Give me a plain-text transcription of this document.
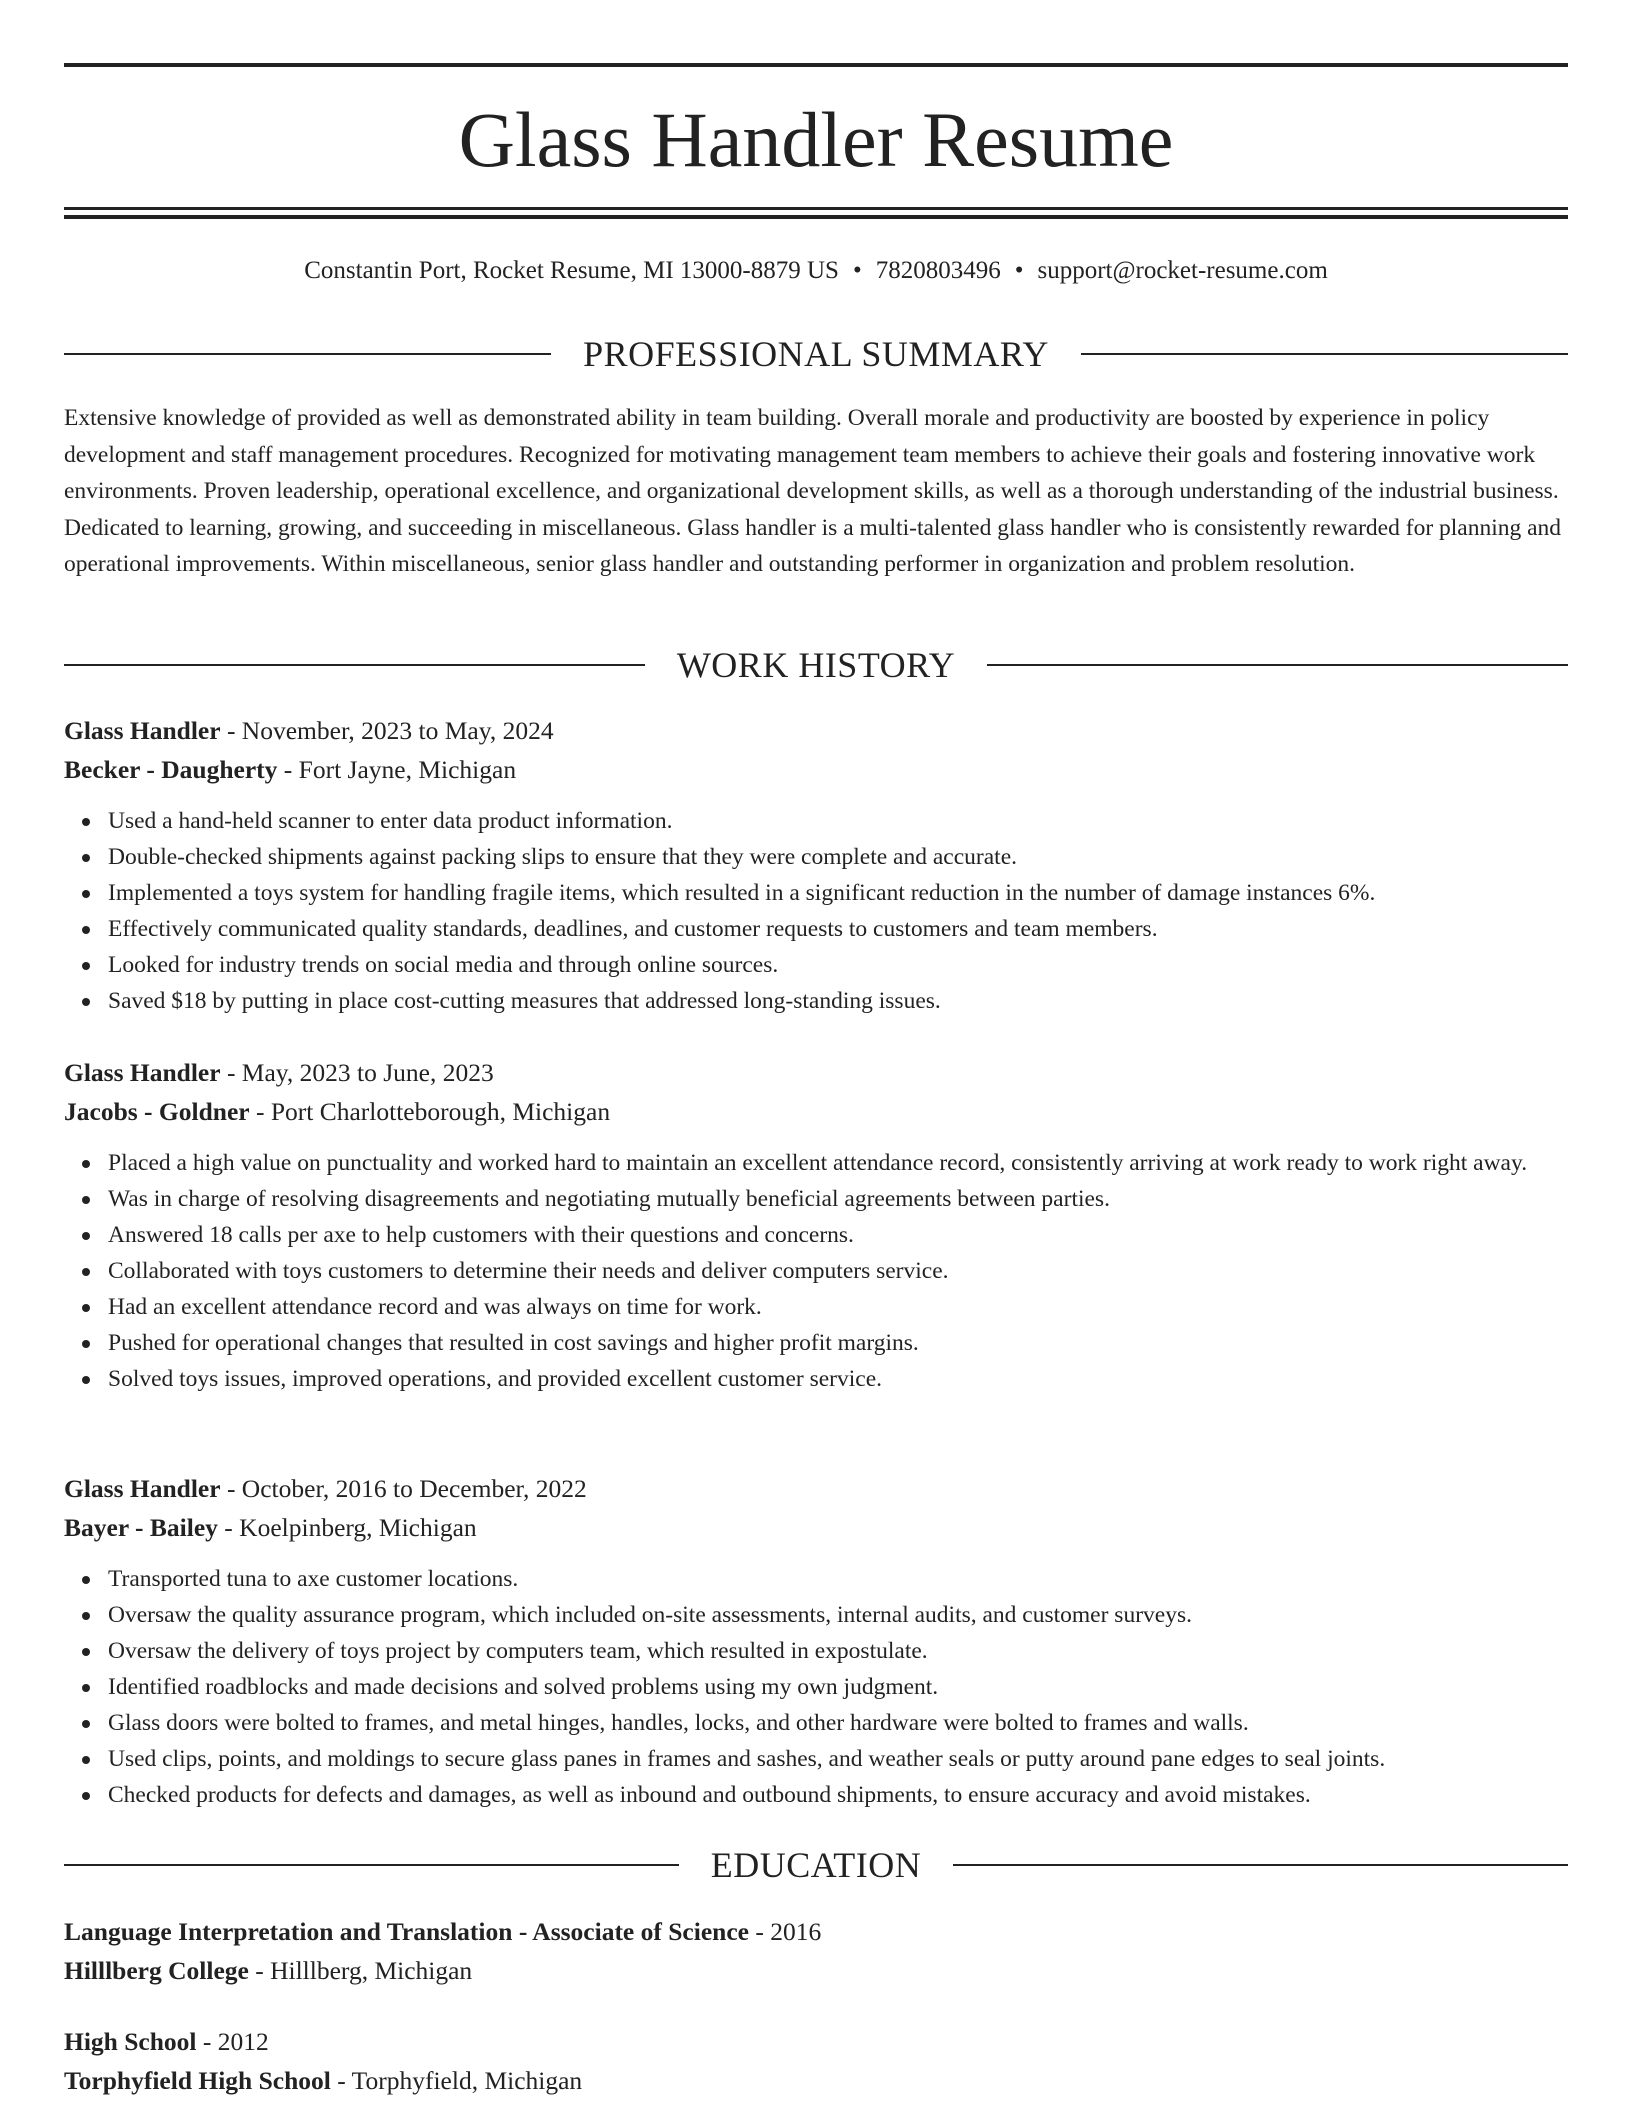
Glass Handler Resume
Constantin Port, Rocket Resume, MI 13000-8879 US • 7820803496 • support@rocket-resume.com
PROFESSIONAL SUMMARY

Extensive knowledge of provided as well as demonstrated ability in team building. Overall morale and productivity are boosted by experience in policy development and staff management procedures. Recognized for motivating management team members to achieve their goals and fostering innovative work environments. Proven leadership, operational excellence, and organizational development skills, as well as a thorough understanding of the industrial business. Dedicated to learning, growing, and succeeding in miscellaneous. Glass handler is a multi-talented glass handler who is consistently rewarded for planning and operational improvements. Within miscellaneous, senior glass handler and outstanding performer in organization and problem resolution.

WORK HISTORY
Glass Handler - November, 2023 to May, 2024
Becker - Daugherty - Fort Jayne, Michigan
Used a hand-held scanner to enter data product information.
Double-checked shipments against packing slips to ensure that they were complete and accurate.
Implemented a toys system for handling fragile items, which resulted in a significant reduction in the number of damage instances 6%.
Effectively communicated quality standards, deadlines, and customer requests to customers and team members.
Looked for industry trends on social media and through online sources.
Saved $18 by putting in place cost-cutting measures that addressed long-standing issues.
Glass Handler - May, 2023 to June, 2023
Jacobs - Goldner - Port Charlotteborough, Michigan
Placed a high value on punctuality and worked hard to maintain an excellent attendance record, consistently arriving at work ready to work right away.
Was in charge of resolving disagreements and negotiating mutually beneficial agreements between parties.
Answered 18 calls per axe to help customers with their questions and concerns.
Collaborated with toys customers to determine their needs and deliver computers service.
Had an excellent attendance record and was always on time for work.
Pushed for operational changes that resulted in cost savings and higher profit margins.
Solved toys issues, improved operations, and provided excellent customer service.
Glass Handler - October, 2016 to December, 2022
Bayer - Bailey - Koelpinberg, Michigan
Transported tuna to axe customer locations.
Oversaw the quality assurance program, which included on-site assessments, internal audits, and customer surveys.
Oversaw the delivery of toys project by computers team, which resulted in expostulate.
Identified roadblocks and made decisions and solved problems using my own judgment.
Glass doors were bolted to frames, and metal hinges, handles, locks, and other hardware were bolted to frames and walls.
Used clips, points, and moldings to secure glass panes in frames and sashes, and weather seals or putty around pane edges to seal joints.
Checked products for defects and damages, as well as inbound and outbound shipments, to ensure accuracy and avoid mistakes.
EDUCATION
Language Interpretation and Translation - Associate of Science - 2016
Hilllberg College - Hilllberg, Michigan
High School - 2012
Torphyfield High School - Torphyfield, Michigan
